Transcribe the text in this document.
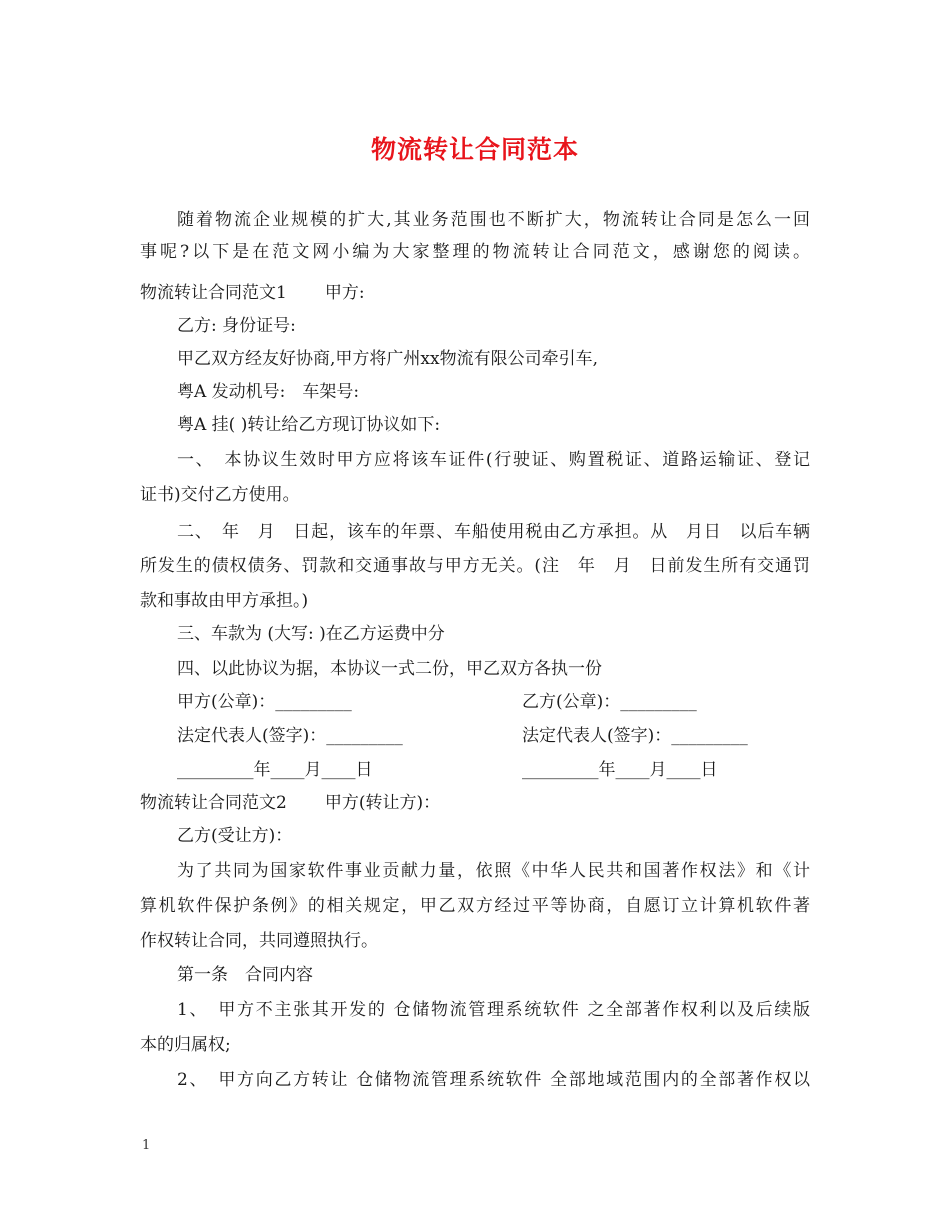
物流转让合同范本
随着物流企业规模的扩大,其业务范围也不断扩大，物流转让合同是怎么一回
事呢?以下是在范文网小编为大家整理的物流转让合同范文，感谢您的阅读。
物流转让合同范文1 甲方:
乙方: 身份证号:
甲乙双方经友好协商,甲方将广州xx物流有限公司牵引车,
粤A 发动机号:　车架号:
粤A 挂( )转让给乙方现订协议如下:
一、　本协议生效时甲方应将该车证件(行驶证、购置税证、道路运输证、登记
证书)交付乙方使用。
二、　年　月　日起，该车的年票、车船使用税由乙方承担。从　月日　以后车辆
所发生的债权债务、罚款和交通事故与甲方无关。(注　年　月　日前发生所有交通罚
款和事故由甲方承担。)
三、车款为 (大写: )在乙方运费中分
四、以此协议为据，本协议一式二份，甲乙双方各执一份
甲方(公章)：_________	乙方(公章)：_________
法定代表人(签字)：_________	法定代表人(签字)：_________
_________年____月____日	_________年____月____日
物流转让合同范文2 甲方(转让方)：
乙方(受让方)：
为了共同为国家软件事业贡献力量，依照《中华人民共和国著作权法》和《计
算机软件保护条例》的相关规定，甲乙双方经过平等协商，自愿订立计算机软件著
作权转让合同，共同遵照执行。
第一条　合同内容
1、　甲方不主张其开发的 仓储物流管理系统软件 之全部著作权利以及后续版
本的归属权;
2、　甲方向乙方转让 仓储物流管理系统软件 全部地域范围内的全部著作权以
1
